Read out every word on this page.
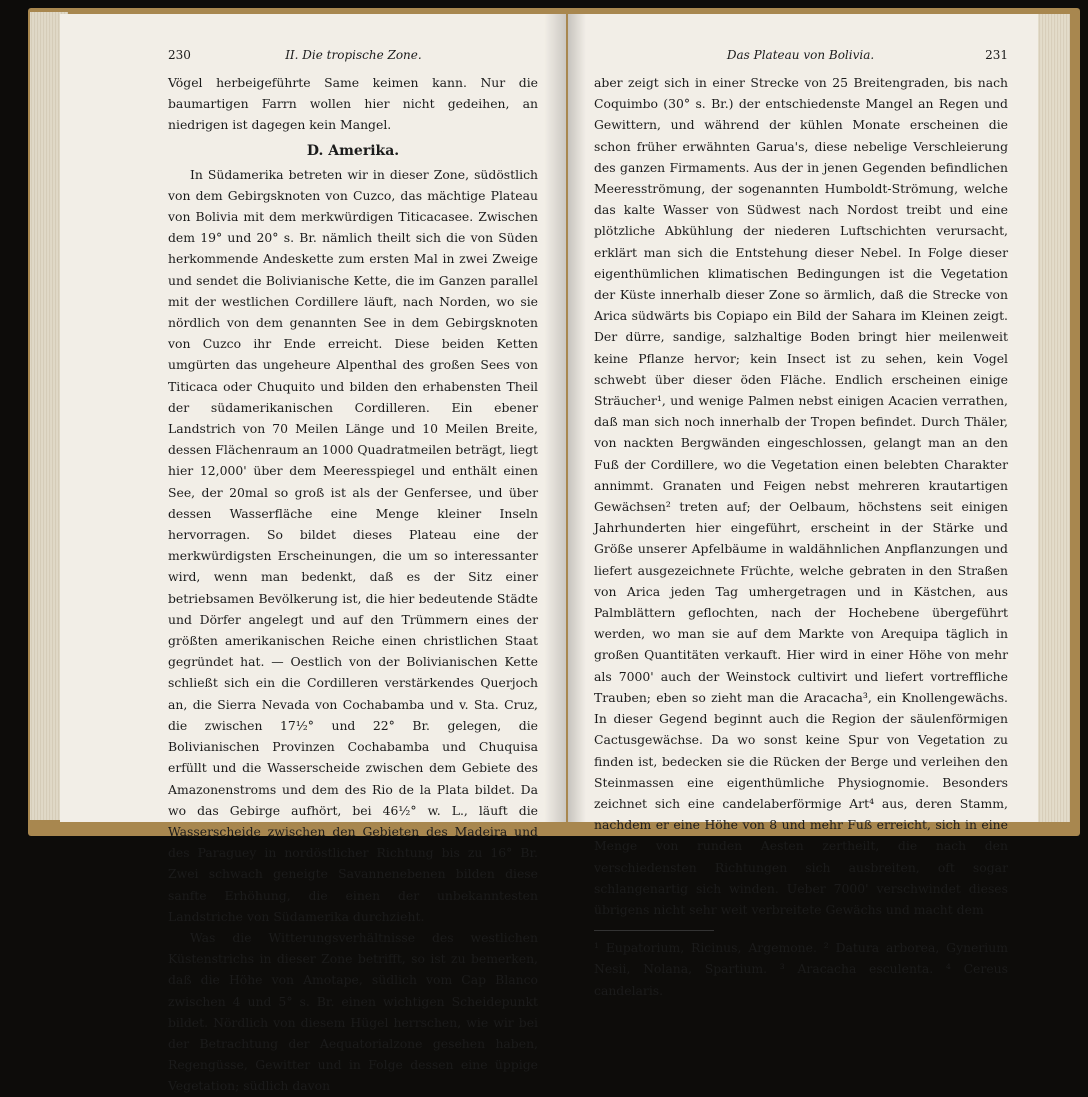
230	II. Die tropische Zone.

Vögel herbeigeführte Same keimen kann. Nur die baumartigen Farrn wollen hier nicht gedeihen, an niedrigen ist dagegen kein Mangel.

D. Amerika.

In Südamerika betreten wir in dieser Zone, südöstlich von dem Gebirgsknoten von Cuzco, das mächtige Plateau von Bolivia mit dem merkwürdigen Titicacasee. Zwischen dem 19° und 20° s. Br. nämlich theilt sich die von Süden herkommende Andeskette zum ersten Mal in zwei Zweige und sendet die Bolivianische Kette, die im Ganzen parallel mit der westlichen Cordillere läuft, nach Norden, wo sie nördlich von dem genannten See in dem Gebirgsknoten von Cuzco ihr Ende erreicht. Diese beiden Ketten umgürten das ungeheure Alpenthal des großen Sees von Titicaca oder Chuquito und bilden den erhabensten Theil der südamerikanischen Cordilleren. Ein ebener Landstrich von 70 Meilen Länge und 10 Meilen Breite, dessen Flächenraum an 1000 Quadratmeilen beträgt, liegt hier 12,000' über dem Meeresspiegel und enthält einen See, der 20mal so groß ist als der Genfersee, und über dessen Wasserfläche eine Menge kleiner Inseln hervorragen. So bildet dieses Plateau eine der merkwürdigsten Erscheinungen, die um so interessanter wird, wenn man bedenkt, daß es der Sitz einer betriebsamen Bevölkerung ist, die hier bedeutende Städte und Dörfer angelegt und auf den Trümmern eines der größten amerikanischen Reiche einen christlichen Staat gegründet hat. — Oestlich von der Bolivianischen Kette schließt sich ein die Cordilleren verstärkendes Querjoch an, die Sierra Nevada von Cochabamba und v. Sta. Cruz, die zwischen 17½° und 22° Br. gelegen, die Bolivianischen Provinzen Cochabamba und Chuquisa erfüllt und die Wasserscheide zwischen dem Gebiete des Amazonenstroms und dem des Rio de la Plata bildet. Da wo das Gebirge aufhört, bei 46½° w. L., läuft die Wasserscheide zwischen den Gebieten des Madeira und des Paraguey in nordöstlicher Richtung bis zu 16° Br. Zwei schwach geneigte Savannenebenen bilden diese sanfte Erhöhung, die einen der unbekanntesten Landstriche von Südamerika durchzieht.

Was die Witterungsverhältnisse des westlichen Küstenstrichs in dieser Zone betrifft, so ist zu bemerken, daß die Höhe von Amotape, südlich vom Cap Blanco zwischen 4 und 5° s. Br. einen wichtigen Scheidepunkt bildet. Nördlich von diesem Hügel herrschen, wie wir bei der Betrachtung der Aequatorialzone gesehen haben, Regengüsse, Gewitter und in Folge dessen eine üppige Vegetation; südlich davon

Das Plateau von Bolivia.	231

aber zeigt sich in einer Strecke von 25 Breitengraden, bis nach Coquimbo (30° s. Br.) der entschiedenste Mangel an Regen und Gewittern, und während der kühlen Monate erscheinen die schon früher erwähnten Garua's, diese nebelige Verschleierung des ganzen Firmaments. Aus der in jenen Gegenden befindlichen Meeresströmung, der sogenannten Humboldt-Strömung, welche das kalte Wasser von Südwest nach Nordost treibt und eine plötzliche Abkühlung der niederen Luftschichten verursacht, erklärt man sich die Entstehung dieser Nebel. In Folge dieser eigenthümlichen klimatischen Bedingungen ist die Vegetation der Küste innerhalb dieser Zone so ärmlich, daß die Strecke von Arica südwärts bis Copiapo ein Bild der Sahara im Kleinen zeigt. Der dürre, sandige, salzhaltige Boden bringt hier meilenweit keine Pflanze hervor; kein Insect ist zu sehen, kein Vogel schwebt über dieser öden Fläche. Endlich erscheinen einige Sträucher¹, und wenige Palmen nebst einigen Acacien verrathen, daß man sich noch innerhalb der Tropen befindet. Durch Thäler, von nackten Bergwänden eingeschlossen, gelangt man an den Fuß der Cordillere, wo die Vegetation einen belebten Charakter annimmt. Granaten und Feigen nebst mehreren krautartigen Gewächsen² treten auf; der Oelbaum, höchstens seit einigen Jahrhunderten hier eingeführt, erscheint in der Stärke und Größe unserer Apfelbäume in waldähnlichen Anpflanzungen und liefert ausgezeichnete Früchte, welche gebraten in den Straßen von Arica jeden Tag umhergetragen und in Kästchen, aus Palmblättern geflochten, nach der Hochebene übergeführt werden, wo man sie auf dem Markte von Arequipa täglich in großen Quantitäten verkauft. Hier wird in einer Höhe von mehr als 7000' auch der Weinstock cultivirt und liefert vortreffliche Trauben; eben so zieht man die Aracacha³, ein Knollengewächs. In dieser Gegend beginnt auch die Region der säulenförmigen Cactusgewächse. Da wo sonst keine Spur von Vegetation zu finden ist, bedecken sie die Rücken der Berge und verleihen den Steinmassen eine eigenthümliche Physiognomie. Besonders zeichnet sich eine candelaberförmige Art⁴ aus, deren Stamm, nachdem er eine Höhe von 8 und mehr Fuß erreicht, sich in eine Menge von runden Aesten zertheilt, die nach den verschiedensten Richtungen sich ausbreiten, oft sogar schlangenartig sich winden. Ueber 7000' verschwindet dieses übrigens nicht sehr weit verbreitete Gewächs und macht dem

¹ Eupatorium, Ricinus, Argemone. ² Datura arborea, Gynerium Nesii, Nolana, Spartium. ³ Aracacha esculenta. ⁴ Cereus candelaris.
